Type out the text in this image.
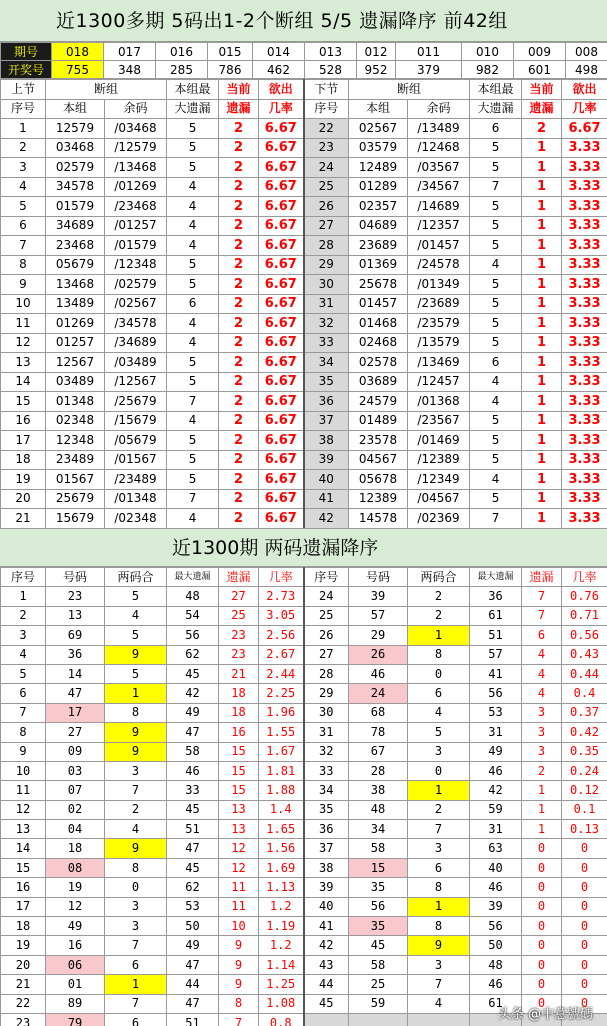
近1300多期 5码出1-2个断组 5/5 遗漏降序 前42组
期号	018	017	016	015	014	013	012	011	010	009	008
开奖号	755	348	285	786	462	528	952	379	982	601	498
上节	断组		本组最	当前	欲出	下节	断组		本组最	当前	欲出
序号	本组	余码	大遗漏	遗漏	几率	序号	本组	余码	大遗漏	遗漏	几率
1	12579	/03468	5	2	6.67	22	02567	/13489	6	2	6.67
2	03468	/12579	5	2	6.67	23	03579	/12468	5	1	3.33
3	02579	/13468	5	2	6.67	24	12489	/03567	5	1	3.33
4	34578	/01269	4	2	6.67	25	01289	/34567	7	1	3.33
5	01579	/23468	4	2	6.67	26	02357	/14689	5	1	3.33
6	34689	/01257	4	2	6.67	27	04689	/12357	5	1	3.33
7	23468	/01579	4	2	6.67	28	23689	/01457	5	1	3.33
8	05679	/12348	5	2	6.67	29	01369	/24578	4	1	3.33
9	13468	/02579	5	2	6.67	30	25678	/01349	5	1	3.33
10	13489	/02567	6	2	6.67	31	01457	/23689	5	1	3.33
11	01269	/34578	4	2	6.67	32	01468	/23579	5	1	3.33
12	01257	/34689	4	2	6.67	33	02468	/13579	5	1	3.33
13	12567	/03489	5	2	6.67	34	02578	/13469	6	1	3.33
14	03489	/12567	5	2	6.67	35	03689	/12457	4	1	3.33
15	01348	/25679	7	2	6.67	36	24579	/01368	4	1	3.33
16	02348	/15679	4	2	6.67	37	01489	/23567	5	1	3.33
17	12348	/05679	5	2	6.67	38	23578	/01469	5	1	3.33
18	23489	/01567	5	2	6.67	39	04567	/12389	5	1	3.33
19	01567	/23489	5	2	6.67	40	05678	/12349	4	1	3.33
20	25679	/01348	7	2	6.67	41	12389	/04567	5	1	3.33
21	15679	/02348	4	2	6.67	42	14578	/02369	7	1	3.33
近1300期 两码遗漏降序
序号	号码	两码合	最大遗漏	遗漏	几率	序号	号码	两码合	最大遗漏	遗漏	几率
1	23	5	48	27	2.73	24	39	2	36	7	0.76
2	13	4	54	25	3.05	25	57	2	61	7	0.71
3	69	5	56	23	2.56	26	29	1	51	6	0.56
4	36	9	62	23	2.67	27	26	8	57	4	0.43
5	14	5	45	21	2.44	28	46	0	41	4	0.44
6	47	1	42	18	2.25	29	24	6	56	4	0.4
7	17	8	49	18	1.96	30	68	4	53	3	0.37
8	27	9	47	16	1.55	31	78	5	31	3	0.42
9	09	9	58	15	1.67	32	67	3	49	3	0.35
10	03	3	46	15	1.81	33	28	0	46	2	0.24
11	07	7	33	15	1.88	34	38	1	42	1	0.12
12	02	2	45	13	1.4	35	48	2	59	1	0.1
13	04	4	51	13	1.65	36	34	7	31	1	0.13
14	18	9	47	12	1.56	37	58	3	63	0	0
15	08	8	45	12	1.69	38	15	6	40	0	0
16	19	0	62	11	1.13	39	35	8	46	0	0
17	12	3	53	11	1.2	40	56	1	39	0	0
18	49	3	50	10	1.19	41	35	8	56	0	0
19	16	7	49	9	1.2	42	45	9	50	0	0
20	06	6	47	9	1.14	43	58	3	48	0	0
21	01	1	44	9	1.25	44	25	7	46	0	0
22	89	7	47	8	1.08	45	59	4	61	0	0
23	79	6	51	7	0.8						
头条 @中意號碼
